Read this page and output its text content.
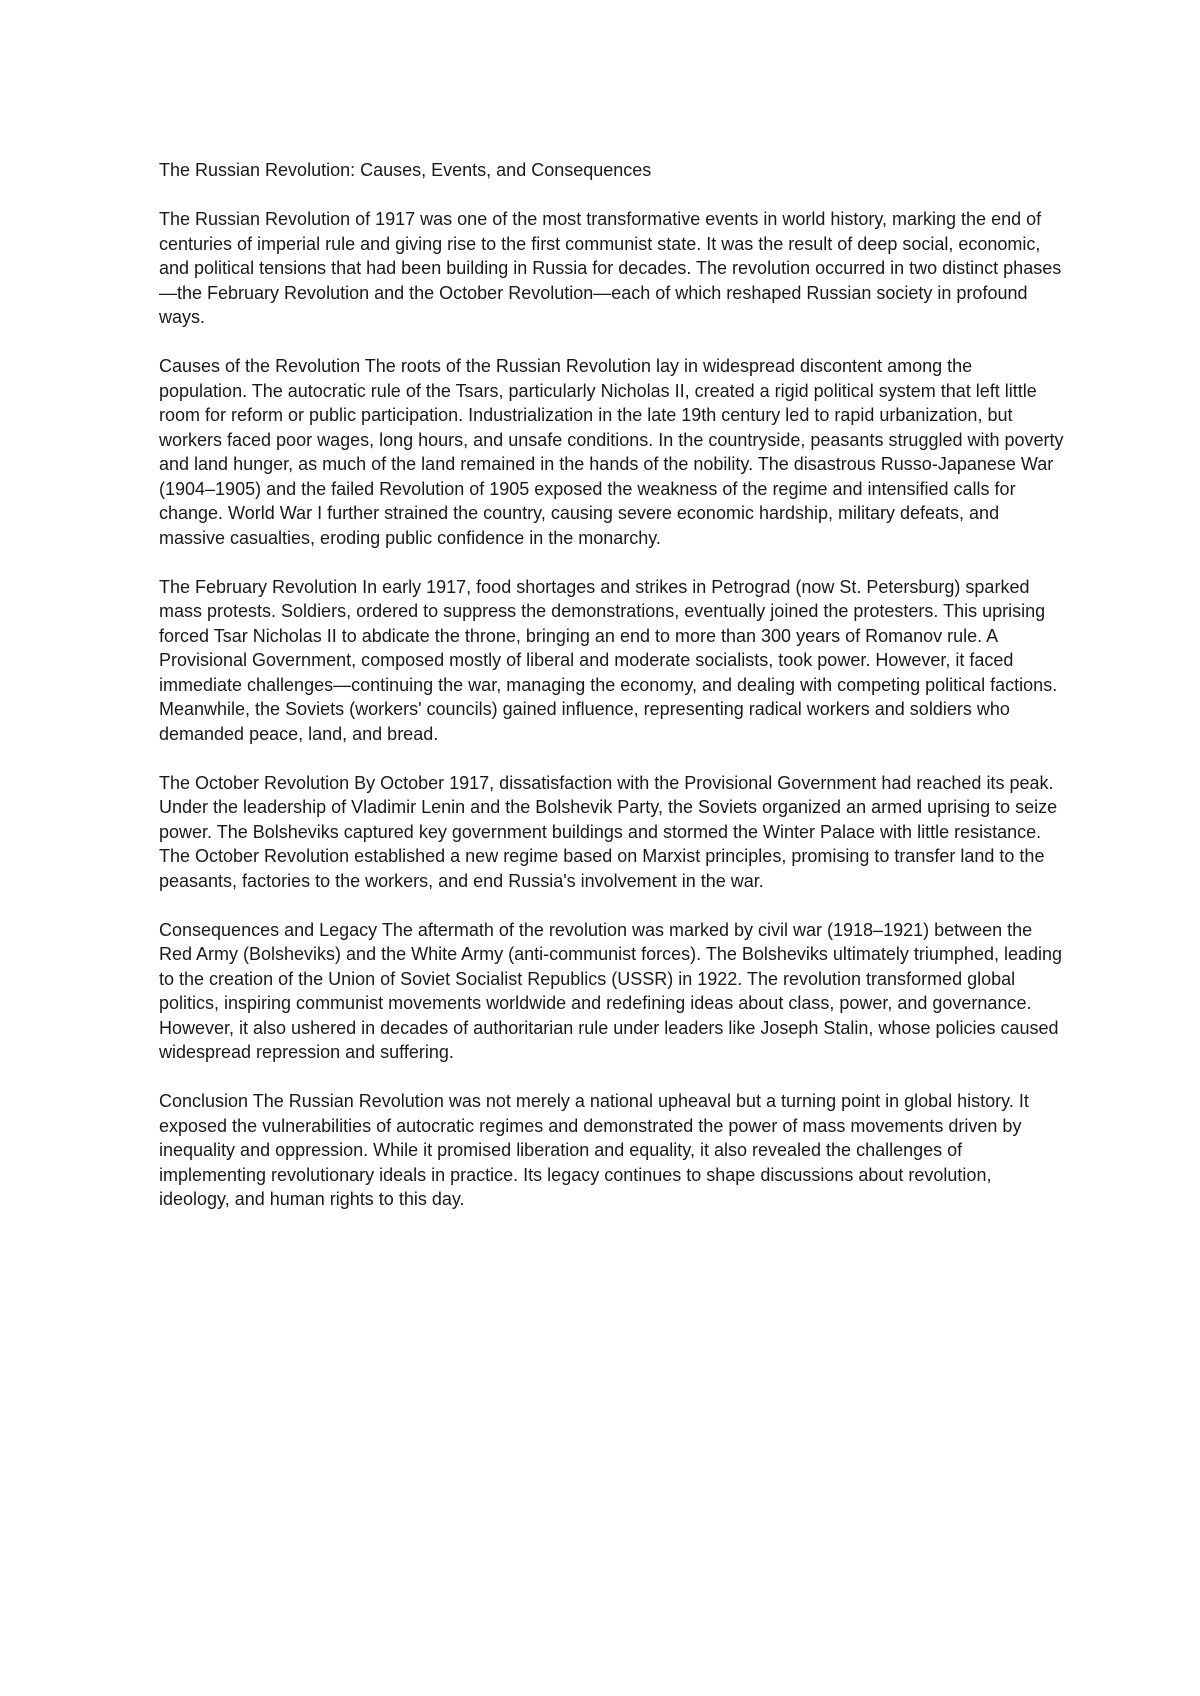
The Russian Revolution: Causes, Events, and Consequences

The Russian Revolution of 1917 was one of the most transformative events in world history, marking the end of centuries of imperial rule and giving rise to the first communist state. It was the result of deep social, economic, and political tensions that had been building in Russia for decades. The revolution occurred in two distinct phases—the February Revolution and the October Revolution—each of which reshaped Russian society in profound ways.

Causes of the Revolution The roots of the Russian Revolution lay in widespread discontent among the population. The autocratic rule of the Tsars, particularly Nicholas II, created a rigid political system that left little room for reform or public participation. Industrialization in the late 19th century led to rapid urbanization, but workers faced poor wages, long hours, and unsafe conditions. In the countryside, peasants struggled with poverty and land hunger, as much of the land remained in the hands of the nobility. The disastrous Russo-Japanese War (1904–1905) and the failed Revolution of 1905 exposed the weakness of the regime and intensified calls for change. World War I further strained the country, causing severe economic hardship, military defeats, and massive casualties, eroding public confidence in the monarchy.

The February Revolution In early 1917, food shortages and strikes in Petrograd (now St. Petersburg) sparked mass protests. Soldiers, ordered to suppress the demonstrations, eventually joined the protesters. This uprising forced Tsar Nicholas II to abdicate the throne, bringing an end to more than 300 years of Romanov rule. A Provisional Government, composed mostly of liberal and moderate socialists, took power. However, it faced immediate challenges—continuing the war, managing the economy, and dealing with competing political factions. Meanwhile, the Soviets (workers' councils) gained influence, representing radical workers and soldiers who demanded peace, land, and bread.

The October Revolution By October 1917, dissatisfaction with the Provisional Government had reached its peak. Under the leadership of Vladimir Lenin and the Bolshevik Party, the Soviets organized an armed uprising to seize power. The Bolsheviks captured key government buildings and stormed the Winter Palace with little resistance. The October Revolution established a new regime based on Marxist principles, promising to transfer land to the peasants, factories to the workers, and end Russia's involvement in the war.

Consequences and Legacy The aftermath of the revolution was marked by civil war (1918–1921) between the Red Army (Bolsheviks) and the White Army (anti-communist forces). The Bolsheviks ultimately triumphed, leading to the creation of the Union of Soviet Socialist Republics (USSR) in 1922. The revolution transformed global politics, inspiring communist movements worldwide and redefining ideas about class, power, and governance. However, it also ushered in decades of authoritarian rule under leaders like Joseph Stalin, whose policies caused widespread repression and suffering.

Conclusion The Russian Revolution was not merely a national upheaval but a turning point in global history. It exposed the vulnerabilities of autocratic regimes and demonstrated the power of mass movements driven by inequality and oppression. While it promised liberation and equality, it also revealed the challenges of implementing revolutionary ideals in practice. Its legacy continues to shape discussions about revolution, ideology, and human rights to this day.
